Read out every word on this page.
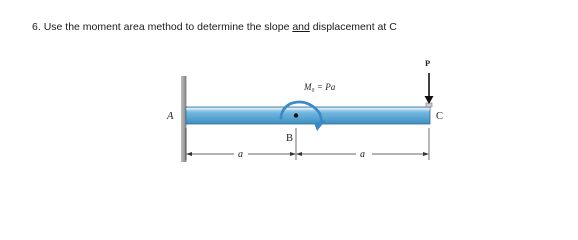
6. Use the moment area method to determine the slope and displacement at C
A
B
C
P
M₀ = Pa
a	a
